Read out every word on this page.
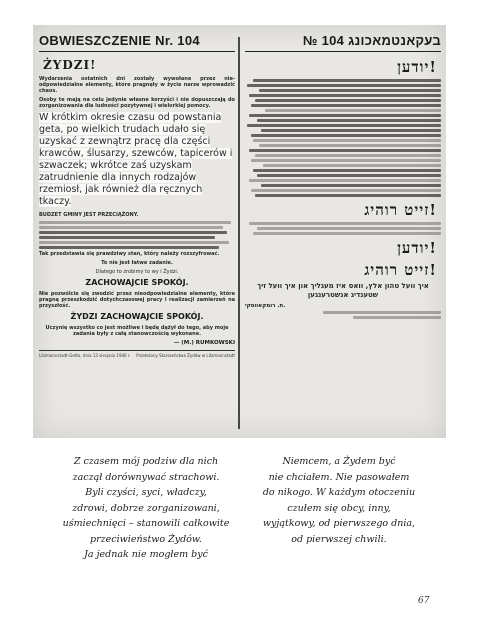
OBWIESZCZENIE Nr. 104
ŻYDZI!
Wydarzenia ostatnich dni zostały wywołane przez nie-odpowiedzialne elementy, które pragnęły w życie narze wprowadzić chaos.
Osoby te mają na celu jedynie własne korzyści i nie dopuszczają do zorganizowania dla ludności pozytywnej i wielorkiej pomocy.
W krótkim okresie czasu od powstania geta, po wielkich trudach udało się uzyskać z zewnątrz pracę dla części krawców, ślusarzy, szewców, tapicerów i szwaczek; wkrótce zaś uzyskam zatrudnienie dla innych rodzajów rzemiosł, jak również dla ręcznych tkaczy.
BUDZET GMINY JEST PRZECIĄŻONY.
Tak przedstawia się prawdziwy stan, który należy rozszyfrować.
To nie jest łatwe zadanie.
Dlatego to zrobimy to wy i Żydzi.
ZACHOWAJCIE SPOKÓJ.
Nie pozwólcie się zwodzić przez nieodpowiedzialne elementy, które pragną przeszkodzić dotychczasowej pracy i realizacji zamierzeń na przyszłość.
ŻYDZI ZACHOWAJCIE SPOKÓJ.
Uczynię wszystko co jest możliwe i będę dążył do tego, aby moje zadania były z całą stanowczością wykonane.
— (M.) RUMKOWSKI
Litzmannstadt-Getto, dnia 13 sierpnia 1940 r. Przełożony Starszeństwa Żydów w Litzmannstadt
№ 104 בעקאנטמאכונג
!יודען
!זייט רוהיג
!יודען
!זייט רוהיג
איך וועל טהון אלץ, וואס איז מעגליך און איך וועל זיך שטענדיג אנשטרענגען
.ח. רומקאווסקי
Z czasem mój podziw dla nich
zaczął dorównywać strachowi.
Byli czyści, syci, władczy,
zdrowi, dobrze zorganizowani,
uśmiechnięci – stanowili całkowite
przeciwieństwo Żydów.
Ja jednak nie mogłem być
Niemcem, a Żydem być
nie chciałem. Nie pasowałem
do nikogo. W każdym otoczeniu
czułem się obcy, inny,
wyjątkowy, od pierwszego dnia,
od pierwszej chwili.
67
